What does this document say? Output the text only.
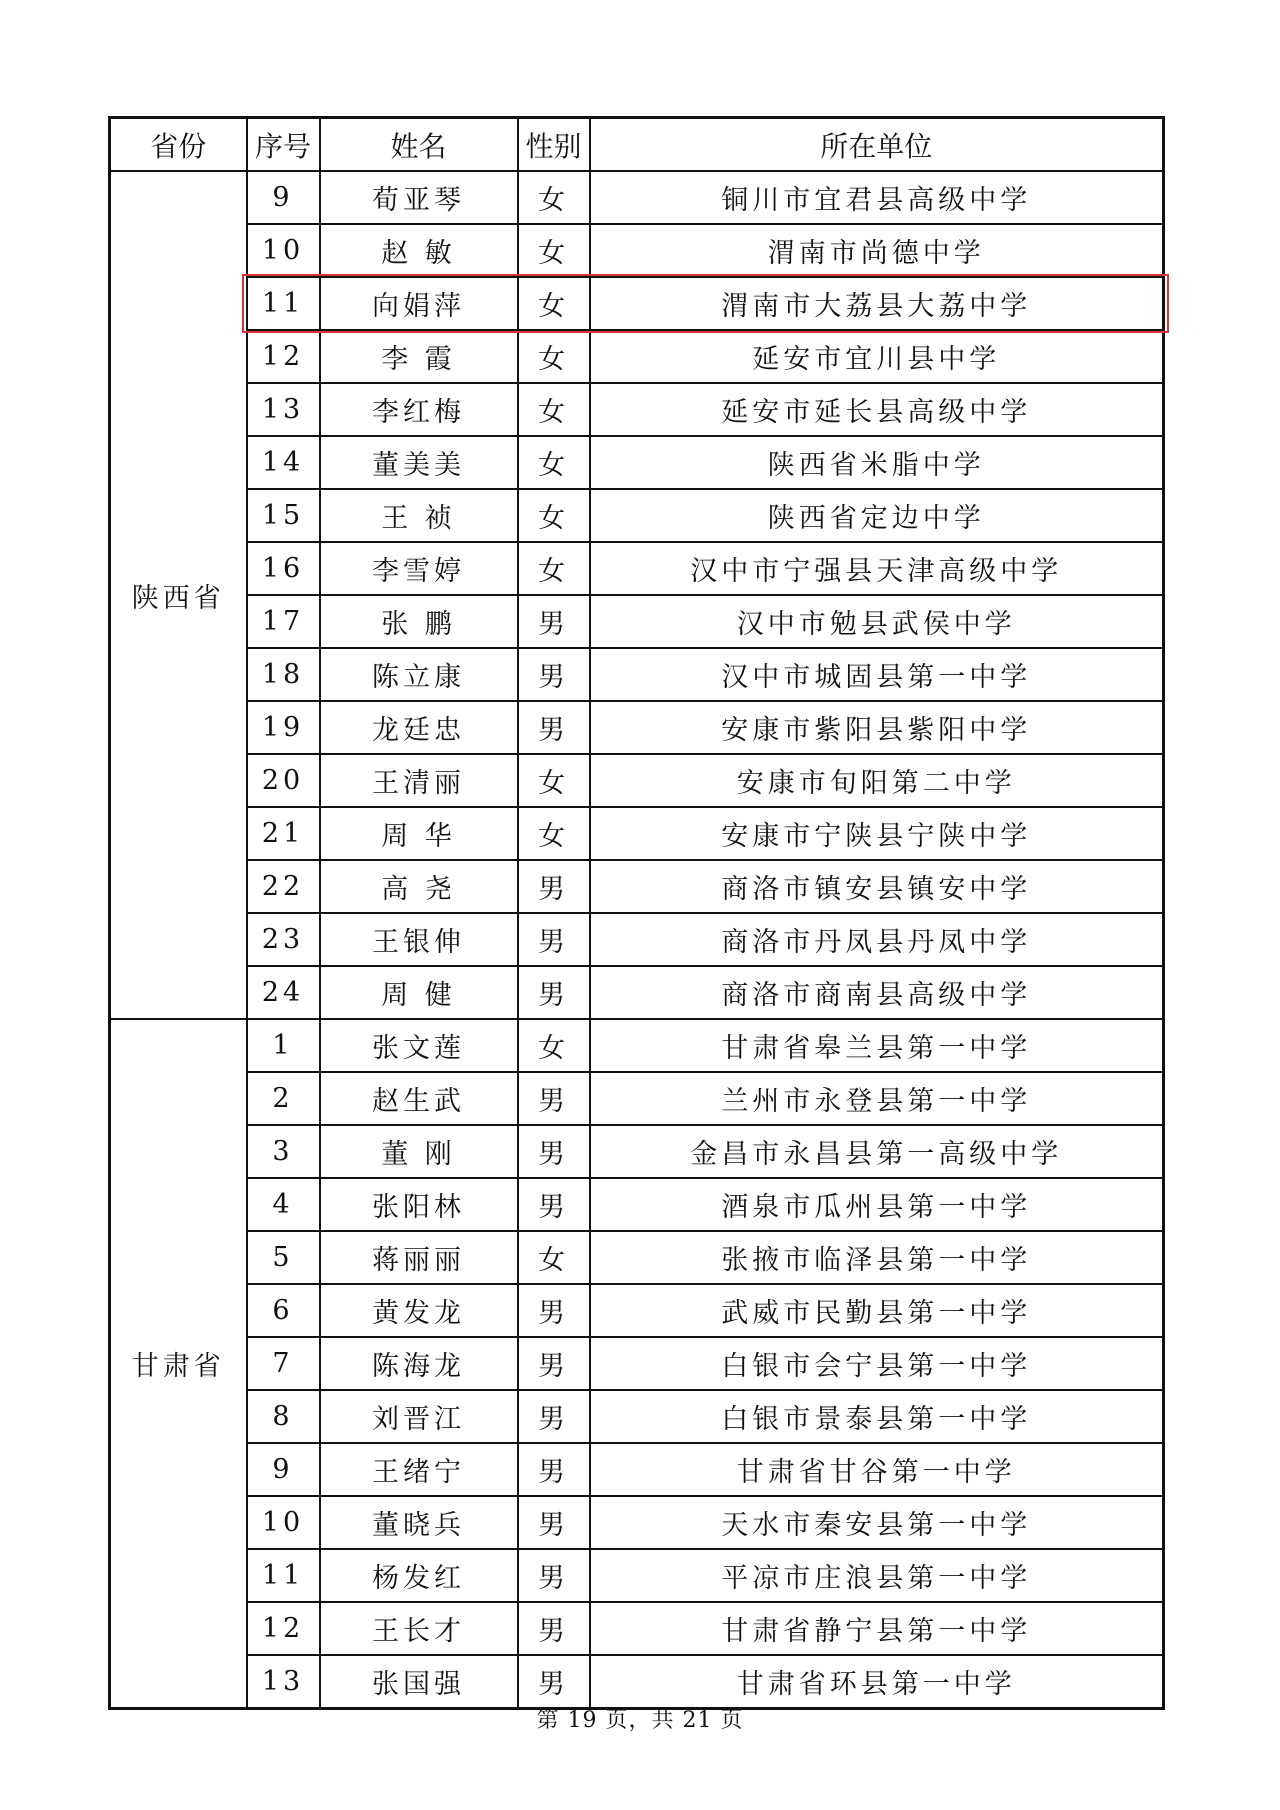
省份	序号	姓名	性别	所在单位
陕西省	9	荀亚琴	女	铜川市宜君县高级中学
	10	赵 敏	女	渭南市尚德中学
	11	向娟萍	女	渭南市大荔县大荔中学
	12	李 霞	女	延安市宜川县中学
	13	李红梅	女	延安市延长县高级中学
	14	董美美	女	陕西省米脂中学
	15	王 祯	女	陕西省定边中学
	16	李雪婷	女	汉中市宁强县天津高级中学
	17	张 鹏	男	汉中市勉县武侯中学
	18	陈立康	男	汉中市城固县第一中学
	19	龙廷忠	男	安康市紫阳县紫阳中学
	20	王清丽	女	安康市旬阳第二中学
	21	周 华	女	安康市宁陕县宁陕中学
	22	高 尧	男	商洛市镇安县镇安中学
	23	王银伸	男	商洛市丹凤县丹凤中学
	24	周 健	男	商洛市商南县高级中学
甘肃省	1	张文莲	女	甘肃省皋兰县第一中学
	2	赵生武	男	兰州市永登县第一中学
	3	董 刚	男	金昌市永昌县第一高级中学
	4	张阳林	男	酒泉市瓜州县第一中学
	5	蒋丽丽	女	张掖市临泽县第一中学
	6	黄发龙	男	武威市民勤县第一中学
	7	陈海龙	男	白银市会宁县第一中学
	8	刘晋江	男	白银市景泰县第一中学
	9	王绪宁	男	甘肃省甘谷第一中学
	10	董晓兵	男	天水市秦安县第一中学
	11	杨发红	男	平凉市庄浪县第一中学
	12	王长才	男	甘肃省静宁县第一中学
	13	张国强	男	甘肃省环县第一中学
第 19 页，共 21 页
